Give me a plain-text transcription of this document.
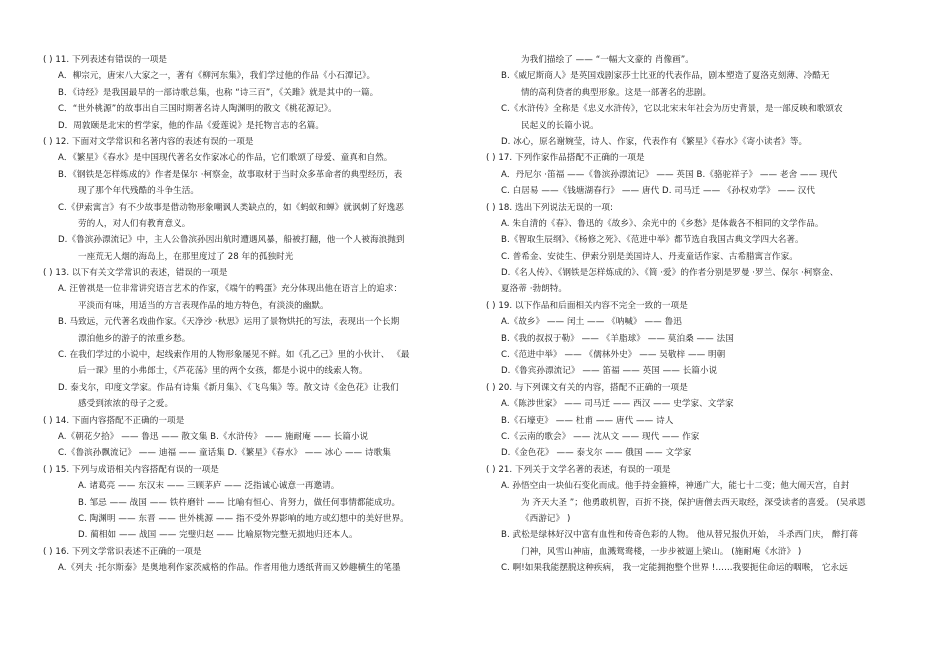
( ) 11. 下列表述有错误的一项是
A．柳宗元，唐宋八大家之一，著有《柳河东集》，我们学过他的作品《小石潭记》。
B．《诗经》是我国最早的一部诗歌总集，也称 “诗三百”，《关雎》就是其中的一篇。
C．“世外桃源”的故事出自三国时期著名诗人陶渊明的散文《桃花源记》。
D．周敦颐是北宋的哲学家，他的作品《爱莲说》是托物言志的名篇。
( ) 12. 下面对文学常识和名著内容的表述有误的一项是
A．《繁星》《春水》是中国现代著名女作家冰心的作品，它们歌颂了母爱、童真和自然。
B．《钢铁是怎样炼成的》作者是保尔 ·柯察金，故事取材于当时众多革命者的典型经历，表
现了那个年代残酷的斗争生活。
C.《伊索寓言》有不少故事是借动物形象嘲讽人类缺点的，如《蚂蚁和蝉》就讽刺了好逸恶
劳的人，对人们有教育意义。
D.《鲁滨孙漂流记》中，主人公鲁滨孙因出航时遭遇风暴，船被打翻，他一个人被海浪抛到
一座荒无人烟的海岛上，在那里度过了 28 年的孤独时光
( ) 13. 以下有关文学常识的表述，错误的一项是
A. 汪曾祺是一位非常讲究语言艺术的作家，《端午的鸭蛋》充分体现出他在语言上的追求：
平淡而有味，用适当的方言表现作品的地方特色，有淡淡的幽默。
B. 马致远，元代著名戏曲作家。《天净沙 ·秋思》运用了景物烘托的写法，表现出一个长期
漂泊他乡的游子的浓重乡愁。
C. 在我们学过的小说中，起线索作用的人物形象屡见不鲜。如《孔乙己》里的小伙计、 《最
后一课》里的小弗郎士，《芦花荡》里的两个女孩，都是小说中的线索人物。
D. 泰戈尔，印度文学家。作品有诗集《新月集》、《飞鸟集》等。散文诗《金色花》让我们
感受到浓浓的母子之爱。
( ) 14. 下面内容搭配不正确的一项是
A.《朝花夕拾》 —— 鲁迅 —— 散文集 B.《水浒传》 —— 施耐庵 —— 长篇小说
C.《鲁滨孙飘流记》 —— 迪福 —— 童话集 D.《繁星》《春水》 —— 冰心 —— 诗歌集
( ) 15. 下列与成语相关内容搭配有误的一项是
A. 诸葛亮 —— 东汉末 —— 三顾茅庐 —— 泛指诚心诚意一再邀请。
B. 邹忌 —— 战国 —— 铁杵磨针 —— 比喻有恒心、肯努力，做任何事情都能成功。
C. 陶渊明 —— 东晋 —— 世外桃源 —— 指不受外界影响的地方或幻想中的美好世界。
D. 蔺相如 —— 战国 —— 完璧归赵 —— 比喻原物完整无损地归还本人。
( ) 16. 下列文学常识表述不正确的一项是
A.《列夫 ·托尔斯泰》是奥地利作家茨威格的作品。作者用他力透纸背而又妙趣横生的笔墨
为我们描绘了 —— “一幅大文豪的 肖像画”。
B.《威尼斯商人》是英国戏剧家莎士比亚的代表作品，剧本塑造了夏洛克刻薄、冷酷无
情的高利贷者的典型形象。这是一部著名的悲剧。
C.《水浒传》全称是《忠义水浒传》，它以北宋末年社会为历史背景，是一部反映和歌颂农
民起义的长篇小说。
D. 冰心，原名谢婉莹，诗人、作家，代表作有《繁星》《春水》《寄小读者》等。
( ) 17. 下列作家作品搭配不正确的一项是
A．丹尼尔 ·笛福 ——《鲁滨孙漂流记》 —— 英国 B.《骆驼祥子》 —— 老舍 —— 现代
C. 白居易 ——《钱塘湖春行》 —— 唐代 D. 司马迁 —— 《孙权劝学》 —— 汉代
( ) 18. 选出下列说法无误的一项:
A. 朱自清的《春》、鲁迅的《故乡》、余光中的《乡愁》是体裁各不相同的文学作品。
B.《智取生辰纲》、《杨修之死》、《范进中举》都节选自我国古典文学四大名著。
C. 普希金、安徒生、伊索分别是美国诗人、丹麦童话作家、古希腊寓言作家。
D.《名人传》、《钢铁是怎样炼成的》、《简 ·爱》的作者分别是罗曼 ·罗兰、保尔 ·柯察金、
夏洛蒂 ·勃朗特。
( ) 19. 以下作品和后面相关内容不完全一致的一项是
A.《故乡》 —— 闰土 —— 《呐喊》 —— 鲁迅
B.《我的叔叔于勒》 —— 《羊脂球》 —— 莫泊桑 —— 法国
C.《范进中举》 —— 《儒林外史》 —— 吴敬梓 —— 明朝
D.《鲁宾孙漂流记》 —— 笛福 —— 英国 —— 长篇小说
( ) 20. 与下列课文有关的内容，搭配不正确的一项是
A.《陈涉世家》 —— 司马迁 —— 西汉 —— 史学家、文学家
B.《石壕吏》 —— 杜甫 —— 唐代 —— 诗人
C.《云南的歌会》 —— 沈从文 —— 现代 —— 作家
D.《金色花》 —— 泰戈尔 —— 俄国 —— 文学家
( ) 21. 下列关于文学名著的表述，有误的一项是
A. 孙悟空由一块仙石变化而成。他手持金箍棒，神通广大，能七十二变；他大闹天宫，自封
为 齐天大圣 ”；他勇敢机智，百折不挠，保护唐僧去西天取经，深受读者的喜爱。 (吴承恩
《西游记》 )
B. 武松是绿林好汉中富有血性和传奇色彩的人物。 他从替兄报仇开始， 斗杀西门庆， 醉打蒋
门神，风雪山神庙，血溅鸳鸯楼，一步步被逼上梁山。 (施耐庵《水浒》 )
C. 啊!如果我能摆脱这种疾病， 我一定能拥抱整个世界 !……我要扼住命运的咽喉， 它永远
